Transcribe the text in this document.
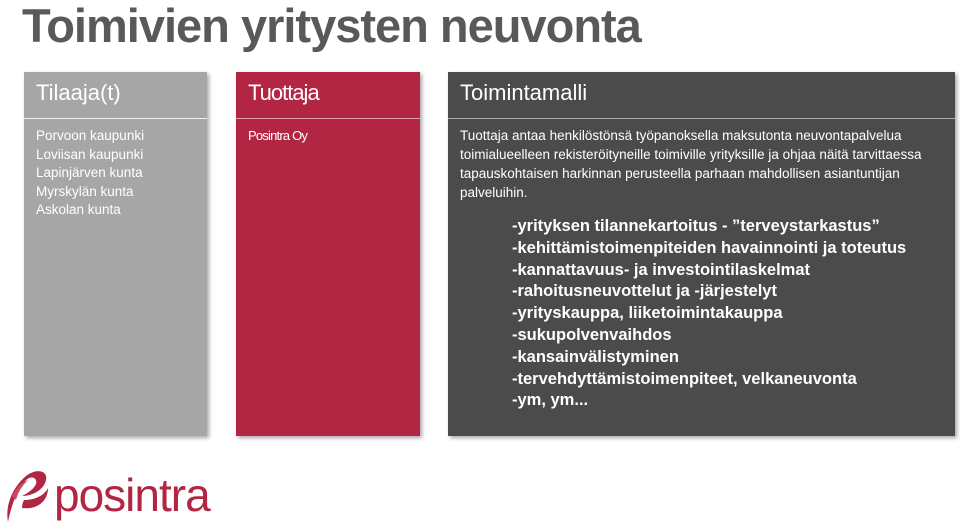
Toimivien yritysten neuvonta
Tilaaja(t)
Porvoon kaupunki
Loviisan kaupunki
Lapinjärven kunta
Myrskylän kunta
Askolan kunta
Tuottaja
Posintra Oy
Toimintamalli

Tuottaja antaa henkilöstönsä työpanoksella maksutonta neuvontapalvelua toimialueelleen rekisteröityneille toimiville yrityksille ja ohjaa näitä tarvittaessa tapauskohtaisen harkinnan perusteella parhaan mahdollisen asiantuntijan palveluihin.

-yrityksen tilannekartoitus - ”terveystarkastus”
-kehittämistoimenpiteiden havainnointi ja toteutus
-kannattavuus- ja investointilaskelmat
-rahoitusneuvottelut ja -järjestelyt
-yrityskauppa, liiketoimintakauppa
-sukupolvenvaihdos
-kansainvälistyminen
-tervehdyttämistoimenpiteet, velkaneuvonta
-ym, ym...
posintra
